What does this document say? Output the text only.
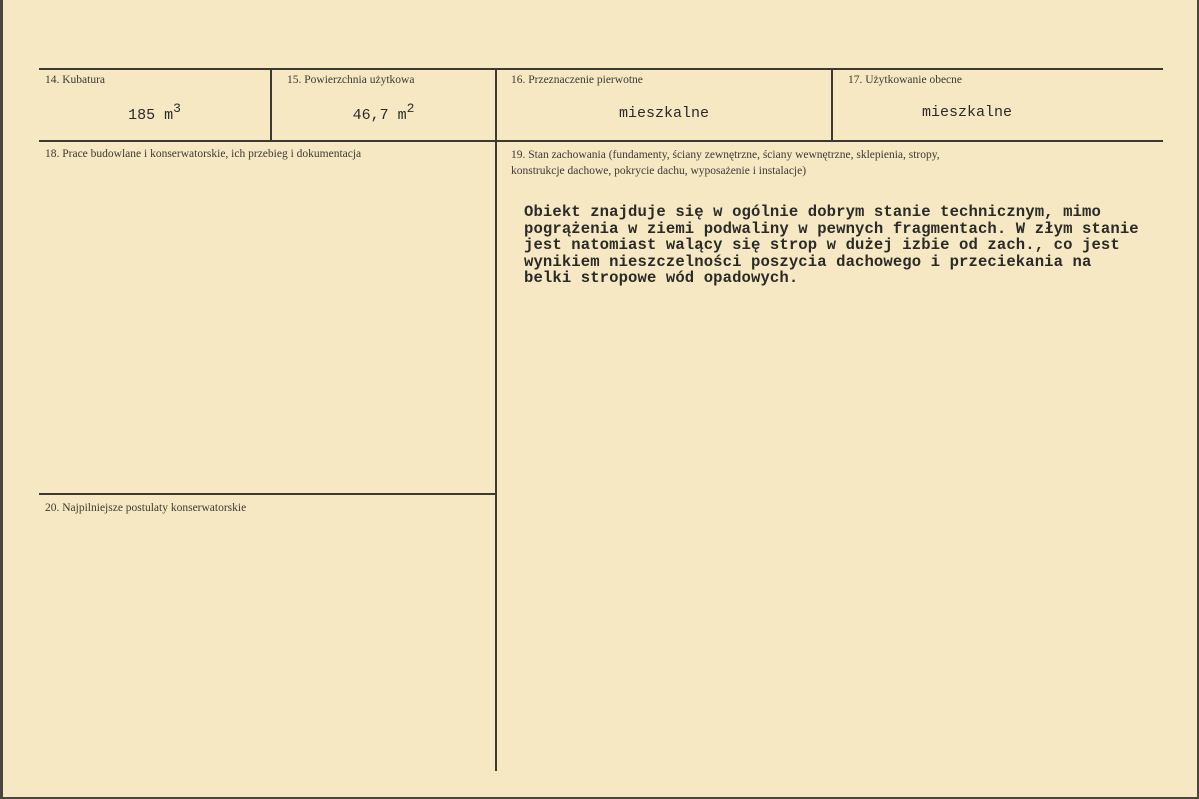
14. Kubatura
185 $m^3$
15. Powierzchnia użytkowa
46,7 $m^2$
16. Przeznaczenie pierwotne
mieszkalne
17. Użytkowanie obecne
mieszkalne
18. Prace budowlane i konserwatorskie, ich przebieg i dokumentacja	19. Stan zachowania (fundamenty, ściany zewnętrzne, ściany wewnętrzne, sklepienia, stropy,
konstrukcje dachowe, pokrycie dachu, wyposażenie i instalacje)
Obiekt znajduje się w ogólnie dobrym stanie technicznym, mimo
pogrążenia w ziemi podwaliny w pewnych fragmentach. W złym stanie
jest natomiast walący się strop w dużej izbie od zach., co jest
wynikiem nieszczelności poszycia dachowego i przeciekania na
belki stropowe wód opadowych.
20. Najpilniejsze postulaty konserwatorskie
